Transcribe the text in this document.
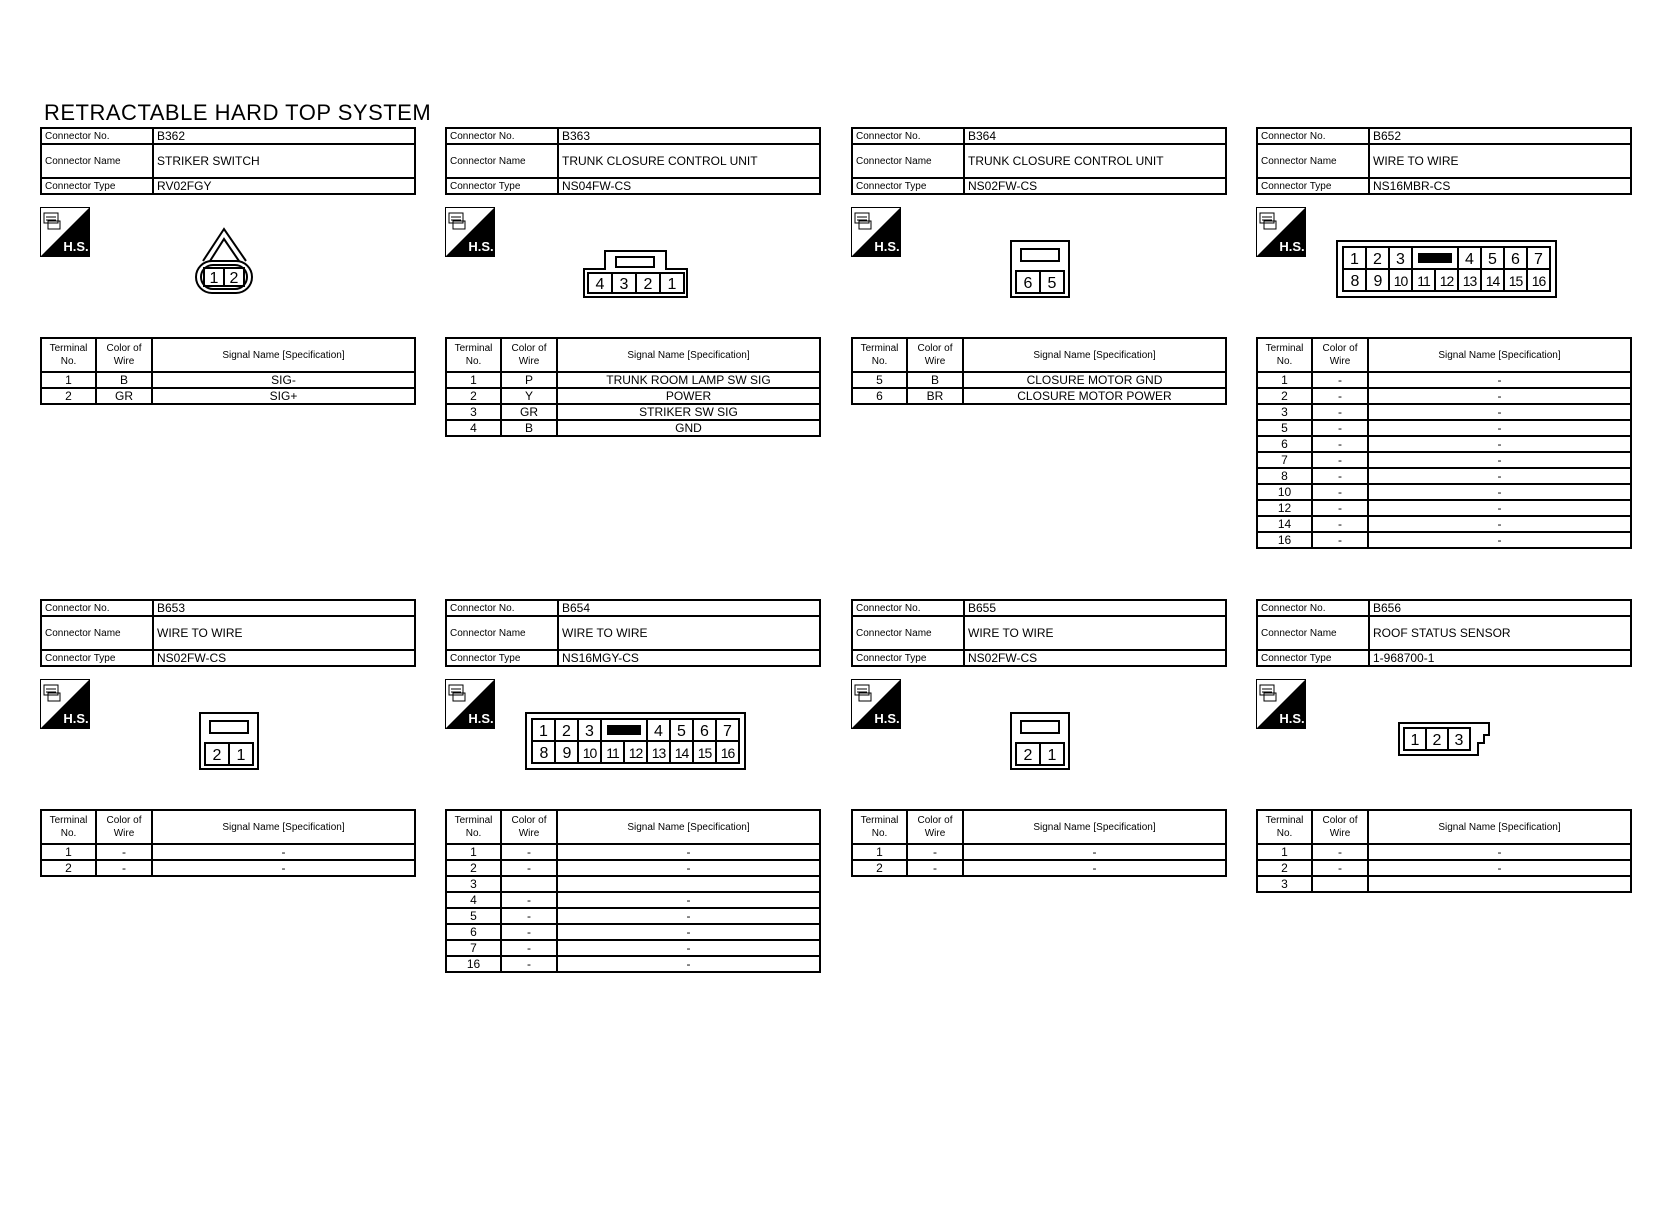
RETRACTABLE HARD TOP SYSTEM
Connector No.	B362
Connector Name	STRIKER SWITCH
Connector Type	RV02FGY
H.S.
1 2
Terminal
No.	Color of
Wire	Signal Name [Specification]
1	B	SIG-
2	GR	SIG+
Connector No.	B363
Connector Name	TRUNK CLOSURE CONTROL UNIT
Connector Type	NS04FW-CS
H.S.
4 3 2 1
Terminal
No.	Color of
Wire	Signal Name [Specification]
1	P	TRUNK ROOM LAMP SW SIG
2	Y	POWER
3	GR	STRIKER SW SIG
4	B	GND
Connector No.	B364
Connector Name	TRUNK CLOSURE CONTROL UNIT
Connector Type	NS02FW-CS
H.S.
6 5
Terminal
No.	Color of
Wire	Signal Name [Specification]
5	B	CLOSURE MOTOR GND
6	BR	CLOSURE MOTOR POWER
Connector No.	B652
Connector Name	WIRE TO WIRE
Connector Type	NS16MBR-CS
H.S.
1 2 3	4 5 6 7
8 9 10 11 12 13 14 15 16
Terminal
No.	Color of
Wire	Signal Name [Specification]
1	-	-
2	-	-
3	-	-
5	-	-
6	-	-
7	-	-
8	-	-
10	-	-
12	-	-
14	-	-
16	-	-
Connector No.	B653
Connector Name	WIRE TO WIRE
Connector Type	NS02FW-CS
H.S.
2 1
Terminal
No.	Color of
Wire	Signal Name [Specification]
1	-	-
2	-	-
Connector No.	B654
Connector Name	WIRE TO WIRE
Connector Type	NS16MGY-CS
H.S.
1 2 3	4 5 6 7
8 9 10 11 12 13 14 15 16
Terminal
No.	Color of
Wire	Signal Name [Specification]
1	-	-
2	-	-
3		
4	-	-
5	-	-
6	-	-
7	-	-
16	-	-
Connector No.	B655
Connector Name	WIRE TO WIRE
Connector Type	NS02FW-CS
H.S.
2 1
Terminal
No.	Color of
Wire	Signal Name [Specification]
1	-	-
2	-	-
Connector No.	B656
Connector Name	ROOF STATUS SENSOR
Connector Type	1-968700-1
H.S.
1 2 3
Terminal
No.	Color of
Wire	Signal Name [Specification]
1	-	-
2	-	-
3		
